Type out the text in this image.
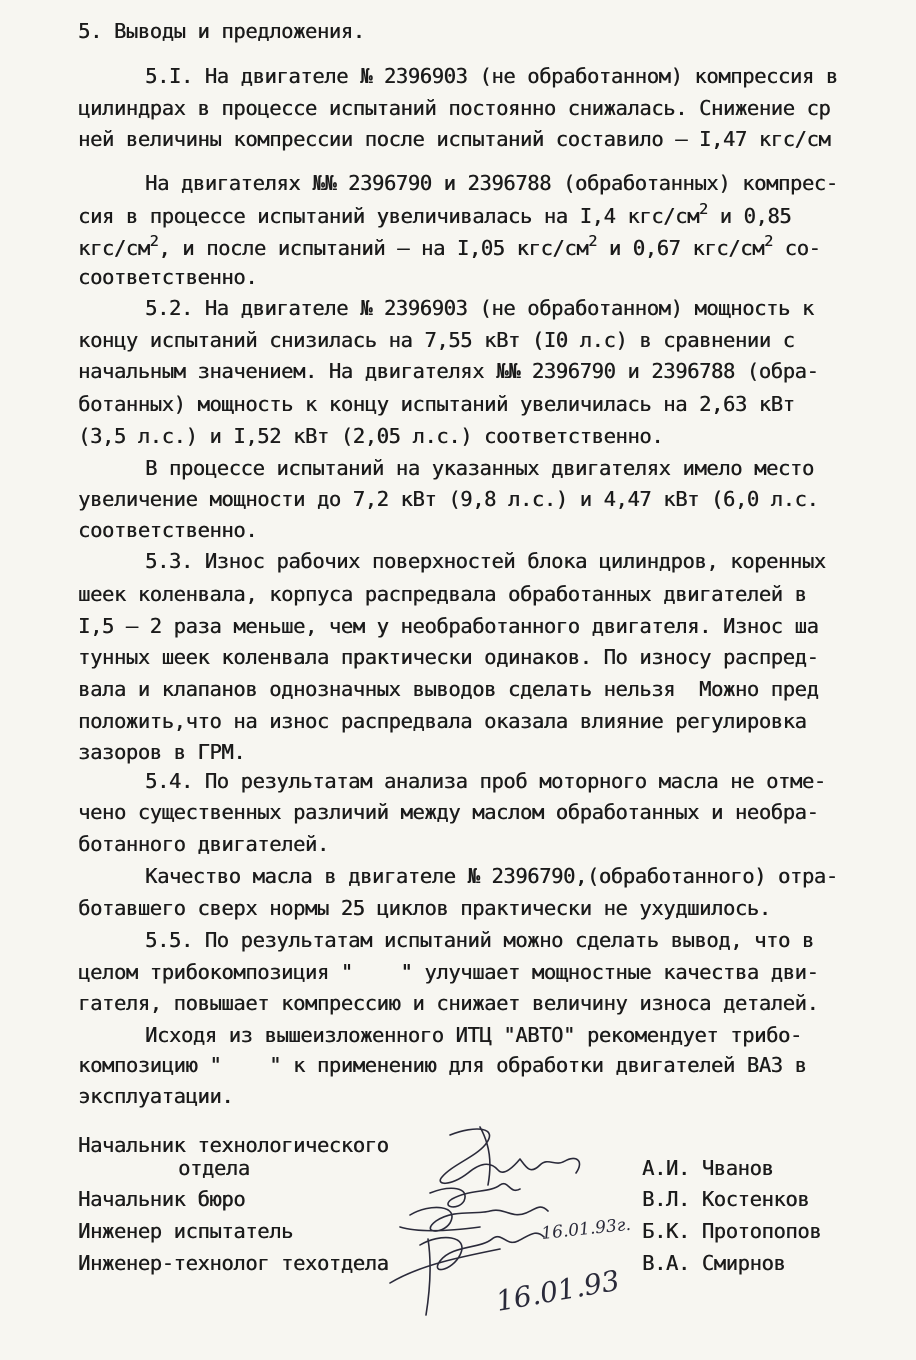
5. Выводы и предложения.
5.I. На двигателе № 2396903 (не обработанном) компрессия в
цилиндрах в процессе испытаний постоянно снижалась. Снижение ср
ней величины компрессии после испытаний составило – I,47 кгс/см
На двигателях №№ 2396790 и 2396788 (обработанных) компрес-
сия в процессе испытаний увеличивалась на I,4 кгс/$см^2$ и 0,85
кгс/$см^2$, и после испытаний – на I,05 кгс/$см^2$ и 0,67 кгс/$см^2$ со-
соответственно.
5.2. На двигателе № 2396903 (не обработанном) мощность к
концу испытаний снизилась на 7,55 кВт (I0 л.с) в сравнении с
начальным значением. На двигателях №№ 2396790 и 2396788 (обра-
ботанных) мощность к концу испытаний увеличилась на 2,63 кВт
(3,5 л.с.) и I,52 кВт (2,05 л.с.) соответственно.
В процессе испытаний на указанных двигателях имело место
увеличение мощности до 7,2 кВт (9,8 л.с.) и 4,47 кВт (6,0 л.с.
соответственно.
5.3. Износ рабочих поверхностей блока цилиндров, коренных
шеек коленвала, корпуса распредвала обработанных двигателей в
I,5 – 2 раза меньше, чем у необработанного двигателя. Износ ша
тунных шеек коленвала практически одинаков. По износу распред-
вала и клапанов однозначных выводов сделать нельзя  Можно пред
положить,что на износ распредвала оказала влияние регулировка
зазоров в ГРМ.
5.4. По результатам анализа проб моторного масла не отме-
чено существенных различий между маслом обработанных и необра-
ботанного двигателей.
Качество масла в двигателе № 2396790,(обработанного) отра-
ботавшего сверх нормы 25 циклов практически не ухудшилось.
5.5. По результатам испытаний можно сделать вывод, что в
целом трибокомпозиция "    " улучшает мощностные качества дви-
гателя, повышает компрессию и снижает величину износа деталей.
Исходя из вышеизложенного ИТЦ "АВТО" рекомендует трибо-
композицию "    " к применению для обработки двигателей ВАЗ в
эксплуатации.
Начальник технологического
отдела	А.И. Чванов
Начальник бюро	В.Л. Костенков
Инженер испытатель	Б.К. Протопопов
Инженер-технолог техотдела	В.А. Смирнов
16.01.93г.
16.01.93
